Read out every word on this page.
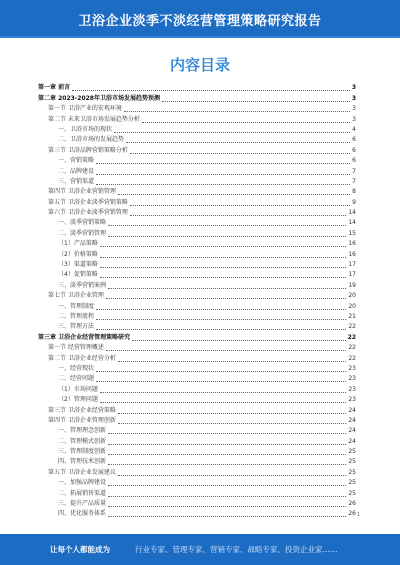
卫浴企业淡季不淡经营管理策略研究报告
内容目录
第一章 前言	3
第二章 2023-2028年卫浴市场发展趋势预测	3
第一节 卫浴产业的宏观环境	3
第二节 未来卫浴市场发展趋势分析	3
一、卫浴市场的现状	4
二、卫浴市场的发展趋势	6
第三节 卫浴品牌营销策略分析	6
一、营销策略	6
二、品牌建设	7
三、营销渠道	7
第四节 卫浴企业营销管理	8
第五节 卫浴企业淡季营销策略	9
第六节 卫浴企业淡季营销管理	14
一、淡季营销策略	14
二、淡季营销管理	15
（1）产品策略	16
（2）价格策略	16
（3）渠道策略	17
（4）促销策略	17
三、淡季营销案例	19
第七节 卫浴企业管理	20
一、管理制度	20
二、管理流程	21
三、管理方法	22
第三章 卫浴企业经营管理策略研究	22
第一节 经营管理概述	22
第二节 卫浴企业经营分析	22
一、经营现状	23
二、经营问题	23
（1）市场问题	23
（2）管理问题	23
第三节 卫浴企业经营策略	24
第四节 卫浴企业管理创新	24
一、管理理念创新	24
二、管理模式创新	24
三、管理制度创新	25
四、管理技术创新	25
第五节 卫浴企业发展建议	25
一、加强品牌建设	25
二、拓展销售渠道	25
三、提升产品质量	26
四、优化服务体系	26 1
让每个人都能成为	行业专家、管理专家、营销专家、战略专家、投资企业家……
